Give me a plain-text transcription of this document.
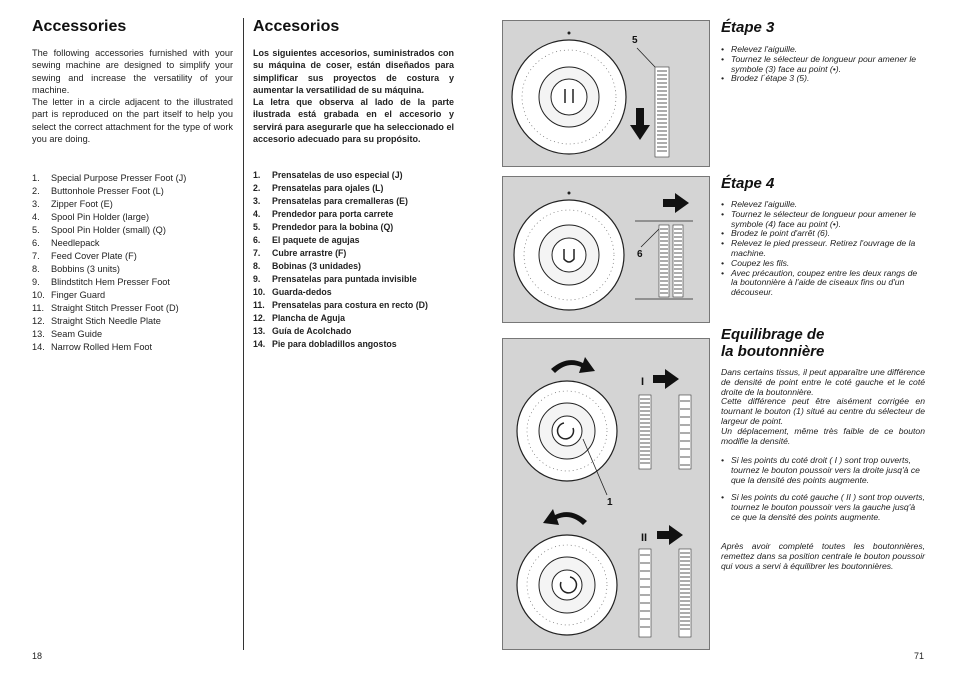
Accessories
The following accessories furnished with your sewing machine are designed to simplify your sewing and increase the versatility of your machine.
The letter in a circle adjacent to the illustrated part is reproduced on the part itself to help you select the correct attachment for the type of work you are doing.
1. Special Purpose Presser Foot (J)
2. Buttonhole Presser Foot (L)
3. Zipper Foot (E)
4. Spool Pin Holder (large)
5. Spool Pin Holder (small) (Q)
6. Needlepack
7. Feed Cover Plate (F)
8. Bobbins (3 units)
9. Blindstitch Hem Presser Foot
10. Finger Guard
11. Straight Stitch Presser Foot (D)
12. Straight Stich Needle Plate
13. Seam Guide
14. Narrow Rolled Hem Foot
18
Accesorios
Los siguientes accesorios, suministrados con su máquina de coser, están diseñados para simplificar sus proyectos de costura y aumentar la versatilidad de su máquina.
La letra que observa al lado de la parte ilustrada está grabada en el accesorio y servirá para asegurarle que ha seleccionado el accesorio adecuado para su propósito.
1. Prensatelas de uso especial (J)
2. Prensatelas para ojales (L)
3. Prensatelas para cremalleras (E)
4. Prendedor para porta carrete
5. Prendedor para la bobina (Q)
6. El paquete de agujas
7. Cubre arrastre (F)
8. Bobinas (3 unidades)
9. Prensatelas para puntada invisible
10. Guarda-dedos
11. Prensatelas para costura en recto (D)
12. Plancha de Aguja
13. Guía de Acolchado
14. Pie para dobladillos angostos
5
6
I
1
II
Étape 3
• Relevez l'aiguille.
• Tournez le sélecteur de longueur pour amener le symbole (3) face au point (•).
• Brodez l´étape 3 (5).
Étape 4
• Relevez l'aiguille.
• Tournez le sélecteur de longueur pour amener le symbole (4) face au point (•).
• Brodez le point d'arrêt (6).
• Relevez le pied presseur. Retirez l'ouvrage de la machine.
• Coupez les fils.
• Avec précaution, coupez entre les deux rangs de la boutonnière à l'aide de ciseaux fins ou d'un découseur.
Equilibrage de
la boutonnière

Dans certains tissus, il peut apparaître une différence de densité de point entre le coté gauche et le coté droite de la boutonnière.
Cette différence peut être aisément corrigée en tournant le bouton (1) situé au centre du sélecteur de largeur de point.
Un déplacement, même très faible de ce bouton modifie la densité.

• Si les points du coté droit ( I ) sont trop ouverts, tournez le bouton poussoir vers la droite jusq'à ce que la densité des points augmente.
• Si les points du coté gauche ( II ) sont trop ouverts, tournez le bouton poussoir vers la gauche jusq'à ce que la densité des points augmente.

Après avoir completé toutes les boutonnières, remettez dans sa position centrale le bouton poussoir qui vous a servi à équilibrer les boutonnières.

71
